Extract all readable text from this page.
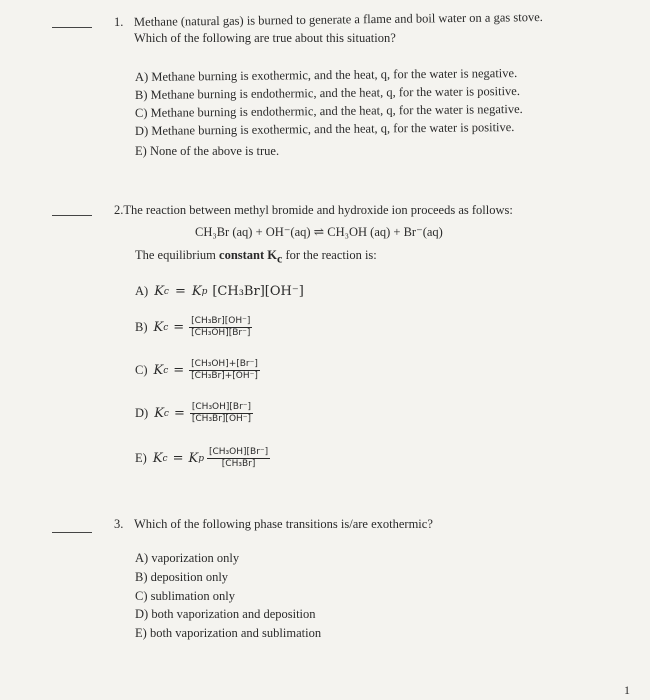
1. Methane (natural gas) is burned to generate a flame and boil water on a gas stove.
Which of the following are true about this situation?
A) Methane burning is exothermic, and the heat, q, for the water is negative.
B) Methane burning is endothermic, and the heat, q, for the water is positive.
C) Methane burning is endothermic, and the heat, q, for the water is negative.
D) Methane burning is exothermic, and the heat, q, for the water is positive.
E) None of the above is true.
2.The reaction between methyl bromide and hydroxide ion proceeds as follows:
CH₃Br (aq) + OH⁻(aq) ⇌ CH₃OH (aq) + Br⁻(aq)
The equilibrium constant $K_c$ for the reaction is:
A) K c = K p [CH₃Br][OH⁻]
B) K $c = \frac{\text{[CH₃Br][OH⁻]}}{\text{[CH₃OH][Br⁻]}}$
C) K $c = \frac{\text{[CH₃OH]+[Br⁻]}}{\text{[CH₃Br]+[OH⁻]}}$
D) K $c = \frac{\text{[CH₃OH][Br⁻]}}{\text{[CH₃Br][OH⁻]}}$
E) K c = K p $\frac{\text{[CH₃OH][Br⁻]}}{\text{[CH₃Br]}}$
3. Which of the following phase transitions is/are exothermic?
A) vaporization only
B) deposition only
C) sublimation only
D) both vaporization and deposition
E) both vaporization and sublimation
1
